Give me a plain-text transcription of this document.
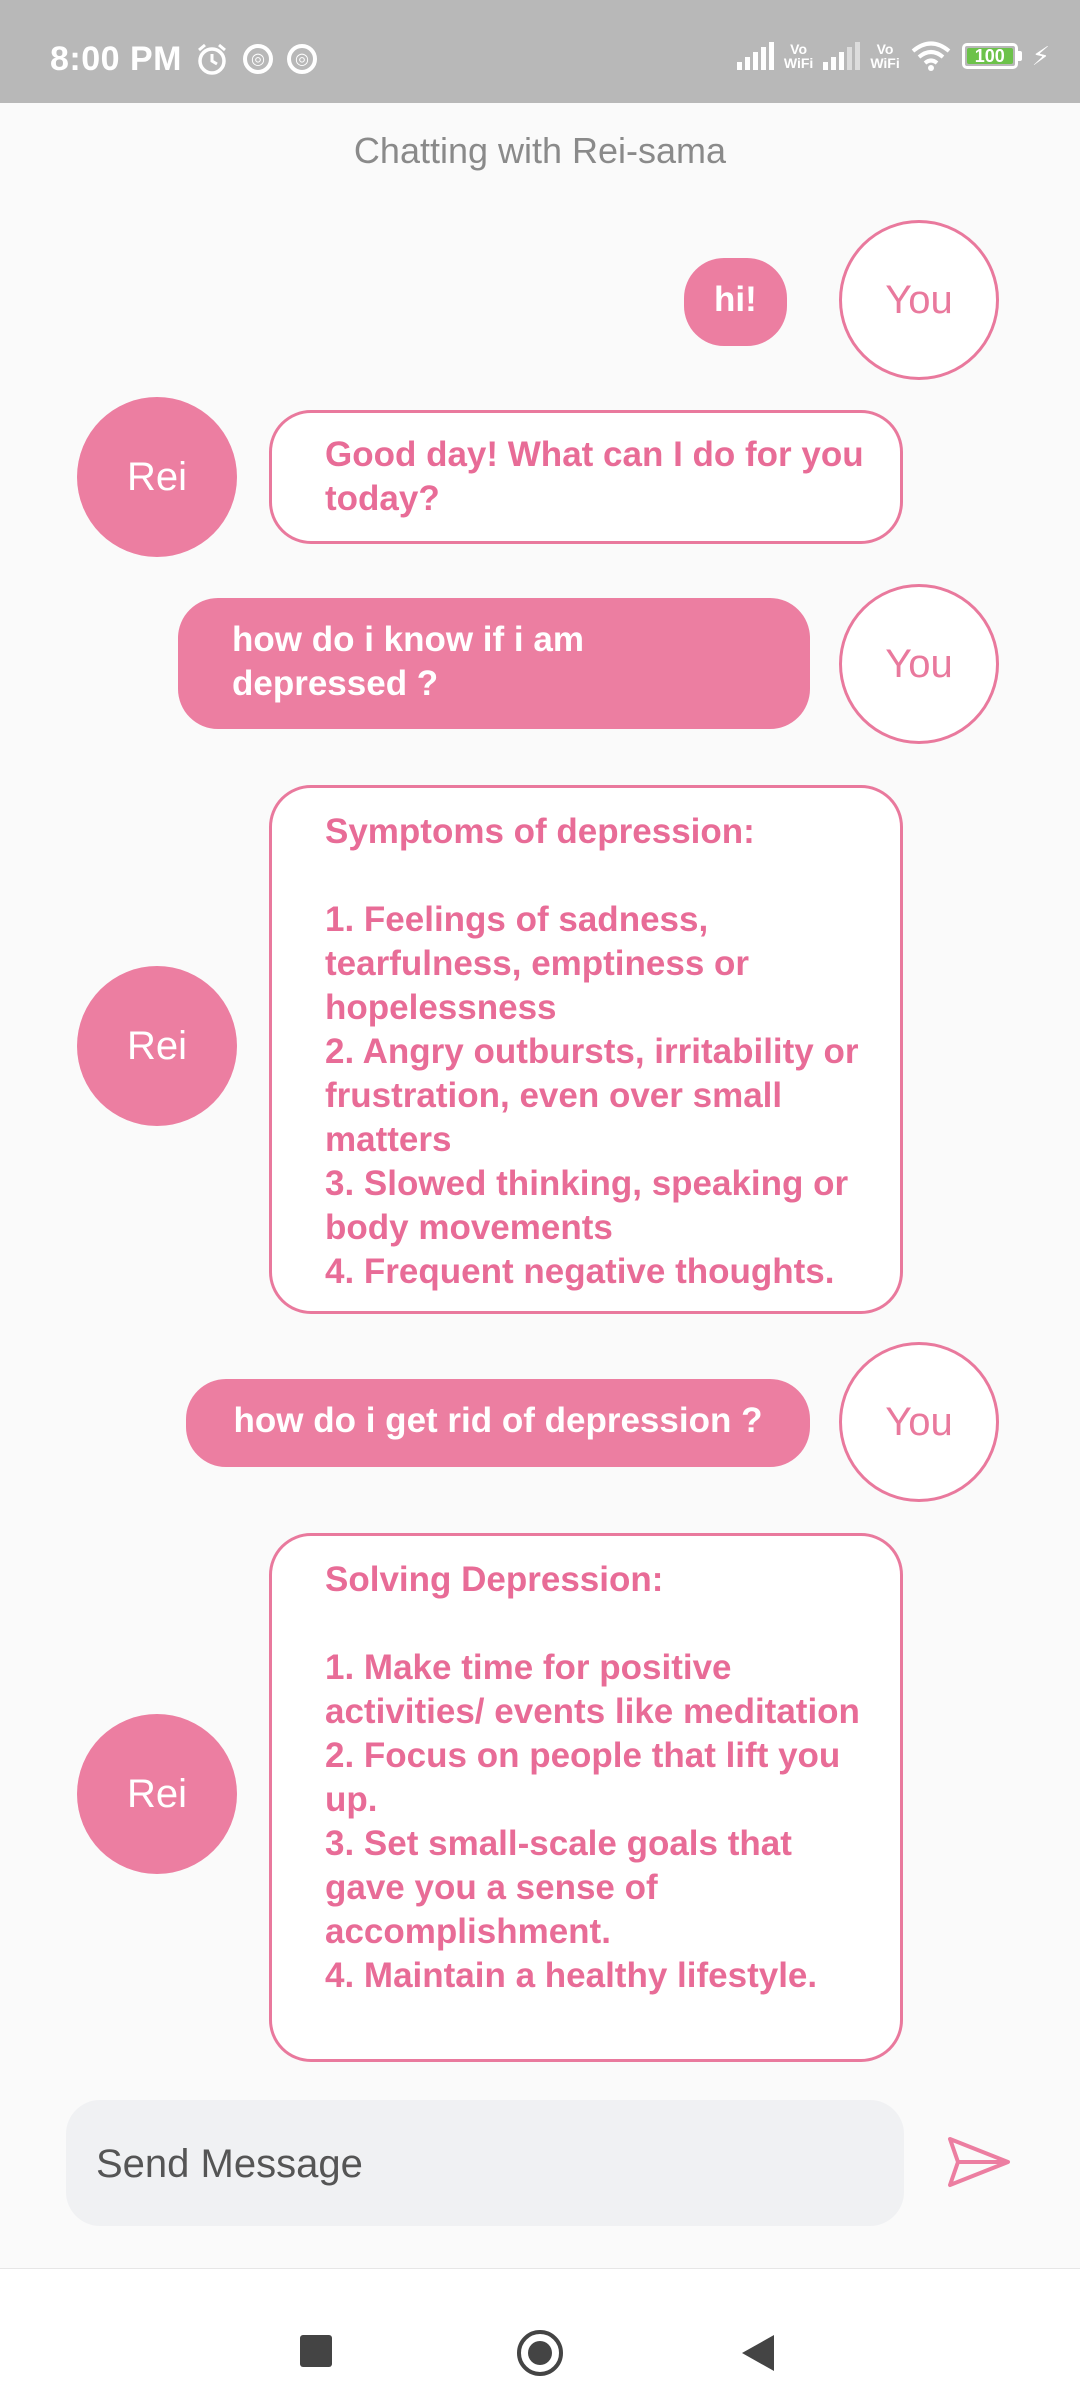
8:00 PM	◎	◎
Vo
WiFi
Vo
WiFi	100	⚡
Chatting with Rei-sama
hi!	You
Rei	Good day! What can I do for you today?
how do i know if i am depressed ?	You
Rei
Symptoms of depression:

1. Feelings of sadness, tearfulness, emptiness or hopelessness
2. Angry outbursts, irritability or frustration, even over small matters
3. Slowed thinking, speaking or body movements
4. Frequent negative thoughts.
how do i get rid of depression ?	You
Rei
Solving Depression:

1. Make time for positive activities/ events like meditation
2. Focus on people that lift you up.
3. Set small-scale goals that gave you a sense of accomplishment.
4. Maintain a healthy lifestyle.
Send Message
